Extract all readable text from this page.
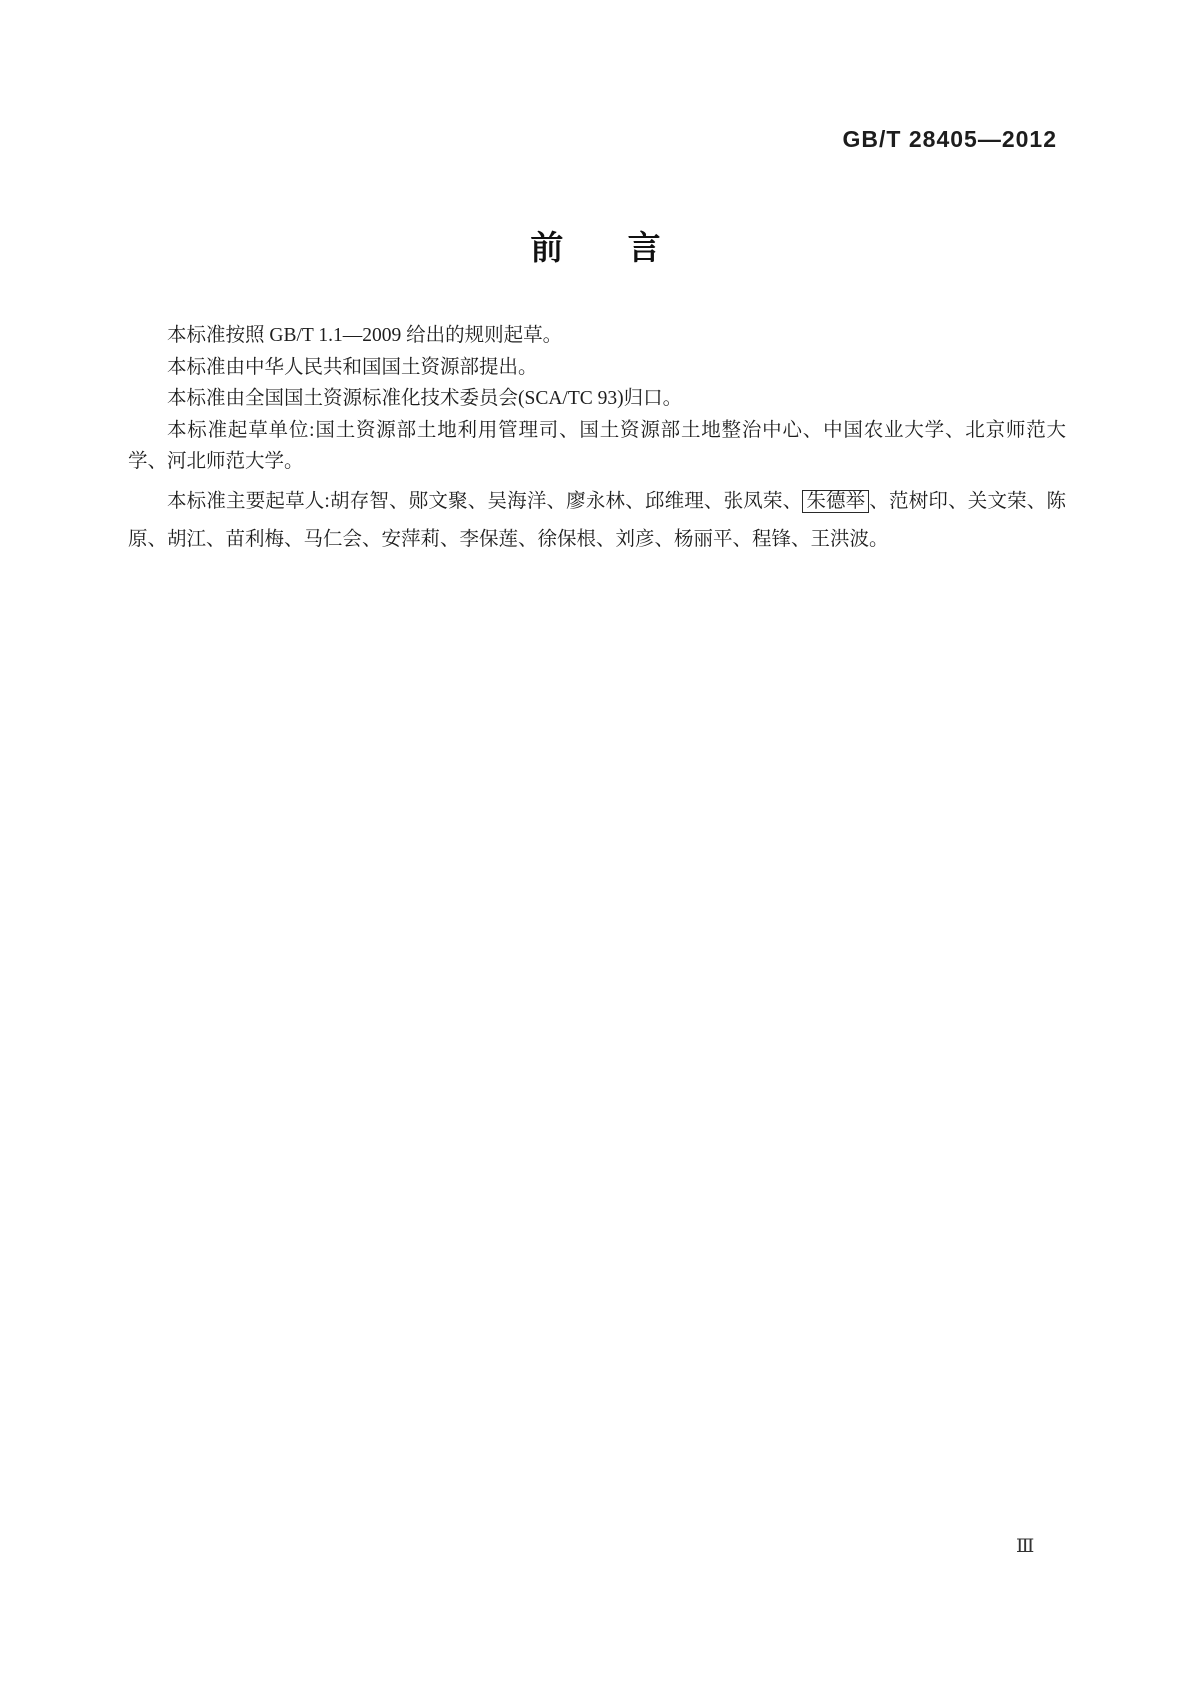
GB/T 28405—2012
前 言

本标准按照 GB/T 1.1—2009 给出的规则起草。

本标准由中华人民共和国国土资源部提出。

本标准由全国国土资源标准化技术委员会(SCA/TC 93)归口。

本标准起草单位:国土资源部土地利用管理司、国土资源部土地整治中心、中国农业大学、北京师范大学、河北师范大学。

本标准主要起草人:胡存智、郧文聚、吴海洋、廖永林、邱维理、张凤荣、 朱德举 、范树印、关文荣、陈原、胡江、苗利梅、马仁会、安萍莉、李保莲、徐保根、刘彦、杨丽平、程锋、王洪波。

Ⅲ
